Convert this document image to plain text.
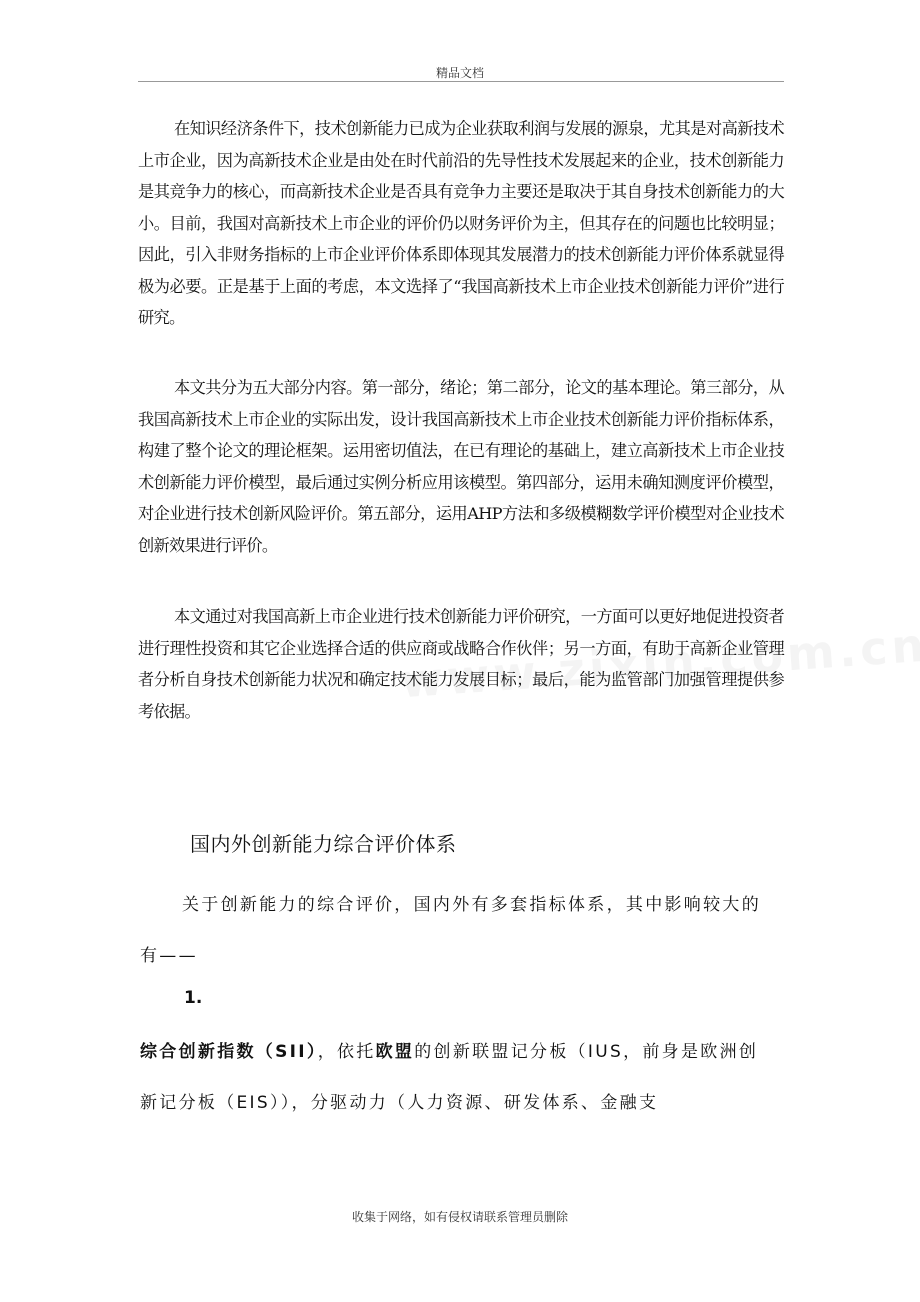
精品文档

在知识经济条件下，技术创新能力已成为企业获取利润与发展的源泉，尤其是对高新技术上市企业，因为高新技术企业是由处在时代前沿的先导性技术发展起来的企业，技术创新能力是其竞争力的核心，而高新技术企业是否具有竞争力主要还是取决于其自身技术创新能力的大小。目前，我国对高新技术上市企业的评价仍以财务评价为主，但其存在的问题也比较明显；因此，引入非财务指标的上市企业评价体系即体现其发展潜力的技术创新能力评价体系就显得极为必要。正是基于上面的考虑，本文选择了“我国高新技术上市企业技术创新能力评价”进行研究。

本文共分为五大部分内容。第一部分，绪论；第二部分，论文的基本理论。第三部分，从我国高新技术上市企业的实际出发，设计我国高新技术上市企业技术创新能力评价指标体系，构建了整个论文的理论框架。运用密切值法，在已有理论的基础上，建立高新技术上市企业技术创新能力评价模型，最后通过实例分析应用该模型。第四部分，运用未确知测度评价模型，对企业进行技术创新风险评价。第五部分，运用AHP方法和多级模糊数学评价模型对企业技术创新效果进行评价。

本文通过对我国高新上市企业进行技术创新能力评价研究，一方面可以更好地促进投资者进行理性投资和其它企业选择合适的供应商或战略合作伙伴；另一方面，有助于高新企业管理者分析自身技术创新能力状况和确定技术能力发展目标；最后，能为监管部门加强管理提供参考依据。

国内外创新能力综合评价体系

关于创新能力的综合评价，国内外有多套指标体系，其中影响较大的有——

1.

综合创新指数（SII），依托欧盟的创新联盟记分板（IUS，前身是欧洲创新记分板（EIS）），分驱动力（人力资源、研发体系、金融支

收集于网络，如有侵权请联系管理员删除
